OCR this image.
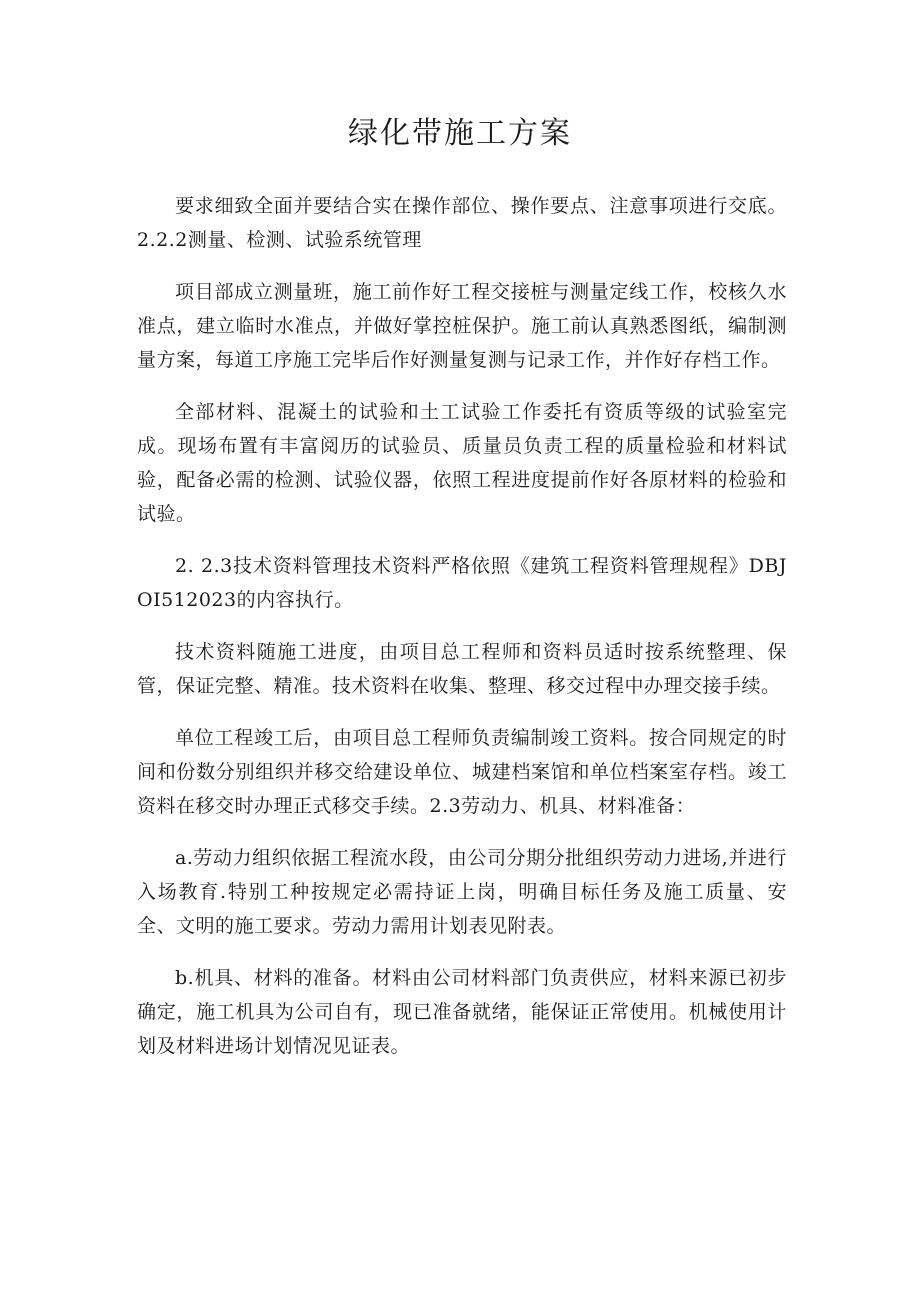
绿化带施工方案

要求细致全面并要结合实在操作部位、操作要点、注意事项进行交底。2.2.2测量、检测、试验系统管理

项目部成立测量班，施工前作好工程交接桩与测量定线工作，校核久水准点，建立临时水准点，并做好掌控桩保护。施工前认真熟悉图纸，编制测量方案，每道工序施工完毕后作好测量复测与记录工作，并作好存档工作。

全部材料、混凝土的试验和土工试验工作委托有资质等级的试验室完成。现场布置有丰富阅历的试验员、质量员负责工程的质量检验和材料试验，配备必需的检测、试验仪器，依照工程进度提前作好各原材料的检验和试验。

2. 2.3技术资料管理技术资料严格依照《建筑工程资料管理规程》DBJOI512023的内容执行。

技术资料随施工进度，由项目总工程师和资料员适时按系统整理、保管，保证完整、精准。技术资料在收集、整理、移交过程中办理交接手续。

单位工程竣工后，由项目总工程师负责编制竣工资料。按合同规定的时间和份数分别组织并移交给建设单位、城建档案馆和单位档案室存档。竣工资料在移交时办理正式移交手续。2.3劳动力、机具、材料准备：

a.劳动力组织依据工程流水段，由公司分期分批组织劳动力进场,并进行入场教育.特别工种按规定必需持证上岗，明确目标任务及施工质量、安全、文明的施工要求。劳动力需用计划表见附表。

b.机具、材料的准备。材料由公司材料部门负责供应，材料来源已初步确定，施工机具为公司自有，现已准备就绪，能保证正常使用。机械使用计划及材料进场计划情况见证表。
